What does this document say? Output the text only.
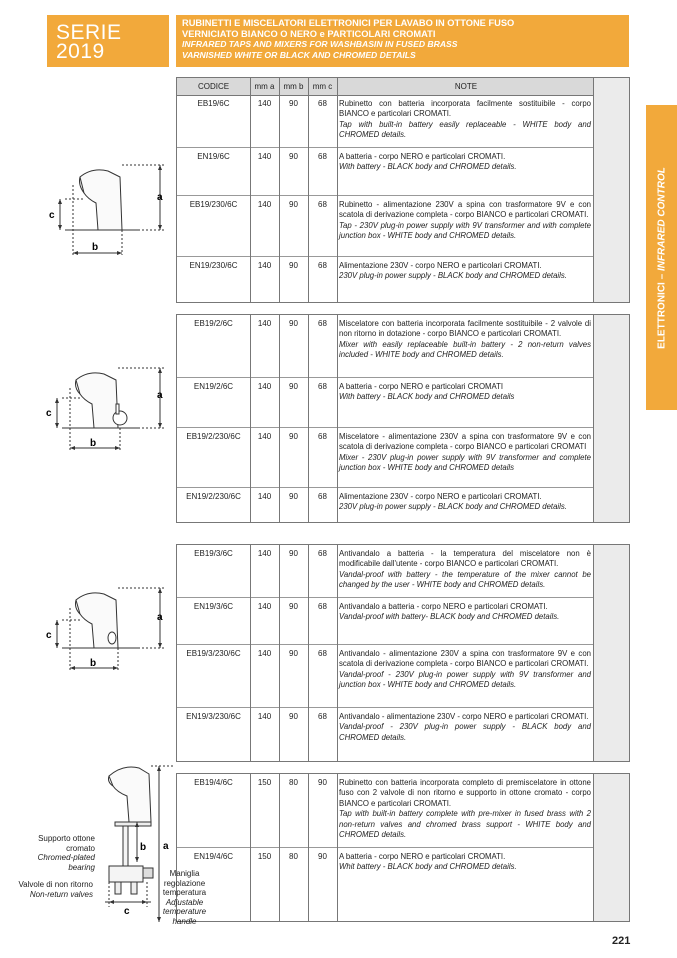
SERIE
2019
RUBINETTI E MISCELATORI ELETTRONICI PER LAVABO IN OTTONE FUSO
VERNICIATO BIANCO O NERO e PARTICOLARI CROMATI
INFRARED TAPS AND MIXERS FOR WASHBASIN IN FUSED BRASS
VARNISHED WHITE OR BLACK AND CHROMED DETAILS
ELETTRONICI – INFRARED CONTROL
CODICE	mm a	mm b	mm c	NOTE
EB19/6C	140	90	68	Rubinetto con batteria incorporata facilmente sostituibile - corpo BIANCO e particolari CROMATI.
Tap with built-in battery easily replaceable - WHITE body and CHROMED details.
EN19/6C	140	90	68	A batteria - corpo NERO e particolari CROMATI.
With battery - BLACK body and CHROMED details.
EB19/230/6C	140	90	68	Rubinetto - alimentazione 230V a spina con trasformatore 9V e con scatola di derivazione completa - corpo BIANCO e particolari CROMATI.
Tap - 230V plug-in power supply with 9V transformer and with complete junction box - WHITE body and CHROMED details.
EN19/230/6C	140	90	68	Alimentazione 230V - corpo NERO e particolari CROMATI.
230V plug-in power supply - BLACK body and CHROMED details.
EB19/2/6C	140	90	68	Miscelatore con batteria incorporata facilmente sostituibile - 2 valvole di non ritorno in dotazione - corpo BIANCO e particolari CROMATI.
Mixer with easily replaceable built-in battery - 2 non-return valves included - WHITE body and CHROMED details.
EN19/2/6C	140	90	68	A batteria - corpo NERO e particolari CROMATI
With battery - BLACK body and CHROMED details
EB19/2/230/6C	140	90	68	Miscelatore - alimentazione 230V a spina con trasformatore 9V e con scatola di derivazione completa - corpo BIANCO e particolari CROMATI
Mixer - 230V plug-in power supply with 9V transformer and complete junction box - WHITE body and CHROMED details
EN19/2/230/6C	140	90	68	Alimentazione 230V - corpo NERO e particolari CROMATI.
230V plug-in power supply - BLACK body and CHROMED details.
EB19/3/6C	140	90	68	Antivandalo a batteria - la temperatura del miscelatore non è modificabile dall'utente - corpo BIANCO e particolari CROMATI.
Vandal-proof with battery - the temperature of the mixer cannot be changed by the user - WHITE body and CHROMED details.
EN19/3/6C	140	90	68	Antivandalo a batteria - corpo NERO e particolari CROMATI.
Vandal-proof with battery- BLACK body and CHROMED details.
EB19/3/230/6C	140	90	68	Antivandalo - alimentazione 230V a spina con trasformatore 9V e con scatola di derivazione completa - corpo BIANCO e particolari CROMATI.
Vandal-proof - 230V plug-in power supply with 9V transformer and junction box - WHITE body and CHROMED details.
EN19/3/230/6C	140	90	68	Antivandalo - alimentazione 230V - corpo NERO e particolari CROMATI.
Vandal-proof - 230V plug-in power supply - BLACK body and CHROMED details.
EB19/4/6C	150	80	90	Rubinetto con batteria incorporata completo di premiscelatore in ottone fuso con 2 valvole di non ritorno e supporto in ottone cromato - corpo BIANCO e particolari CROMATI.
Tap with built-in battery complete with pre-mixer in fused brass with 2 non-return valves and chromed brass support - WHITE body and CHROMED details.
EN19/4/6C	150	80	90	A batteria - corpo NERO e particolari CROMATI.
Whit battery - BLACK body and CHROMED details.
a
c
b
a
c
b
a
c
b
a
b
c
Supporto ottone cromato
Chromed-plated bearing
Valvole di non ritorno
Non-return valves
Maniglia regolazione temperatura
Adjustable temperature handle
221
